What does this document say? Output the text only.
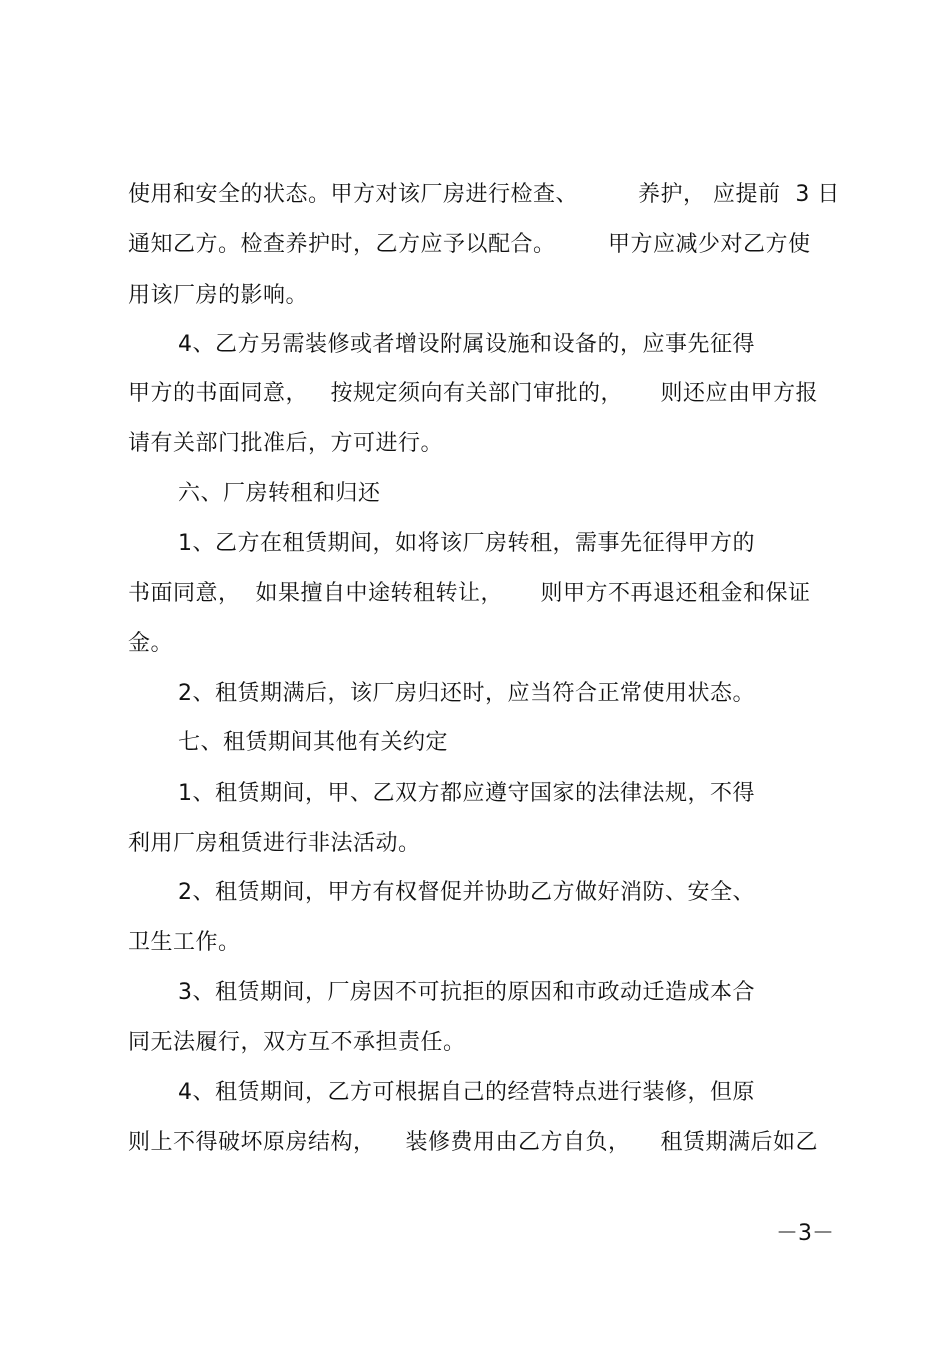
使用和安全的状态。甲方对该厂房进行检查、        养护， 应提前  3 日
通知乙方。检查养护时，乙方应予以配合。       甲方应减少对乙方使
用该厂房的影响。
4、乙方另需装修或者增设附属设施和设备的，应事先征得
甲方的书面同意，   按规定须向有关部门审批的，     则还应由甲方报
请有关部门批准后，方可进行。
六、厂房转租和归还
1、乙方在租赁期间，如将该厂房转租，需事先征得甲方的
书面同意，  如果擅自中途转租转让，     则甲方不再退还租金和保证
金。
2、租赁期满后，该厂房归还时，应当符合正常使用状态。
七、租赁期间其他有关约定
1、租赁期间，甲、乙双方都应遵守国家的法律法规，不得
利用厂房租赁进行非法活动。
2、租赁期间，甲方有权督促并协助乙方做好消防、安全、
卫生工作。
3、租赁期间，厂房因不可抗拒的原因和市政动迁造成本合
同无法履行，双方互不承担责任。
4、租赁期间，乙方可根据自己的经营特点进行装修，但原
则上不得破坏原房结构，    装修费用由乙方自负，    租赁期满后如乙
－3－
